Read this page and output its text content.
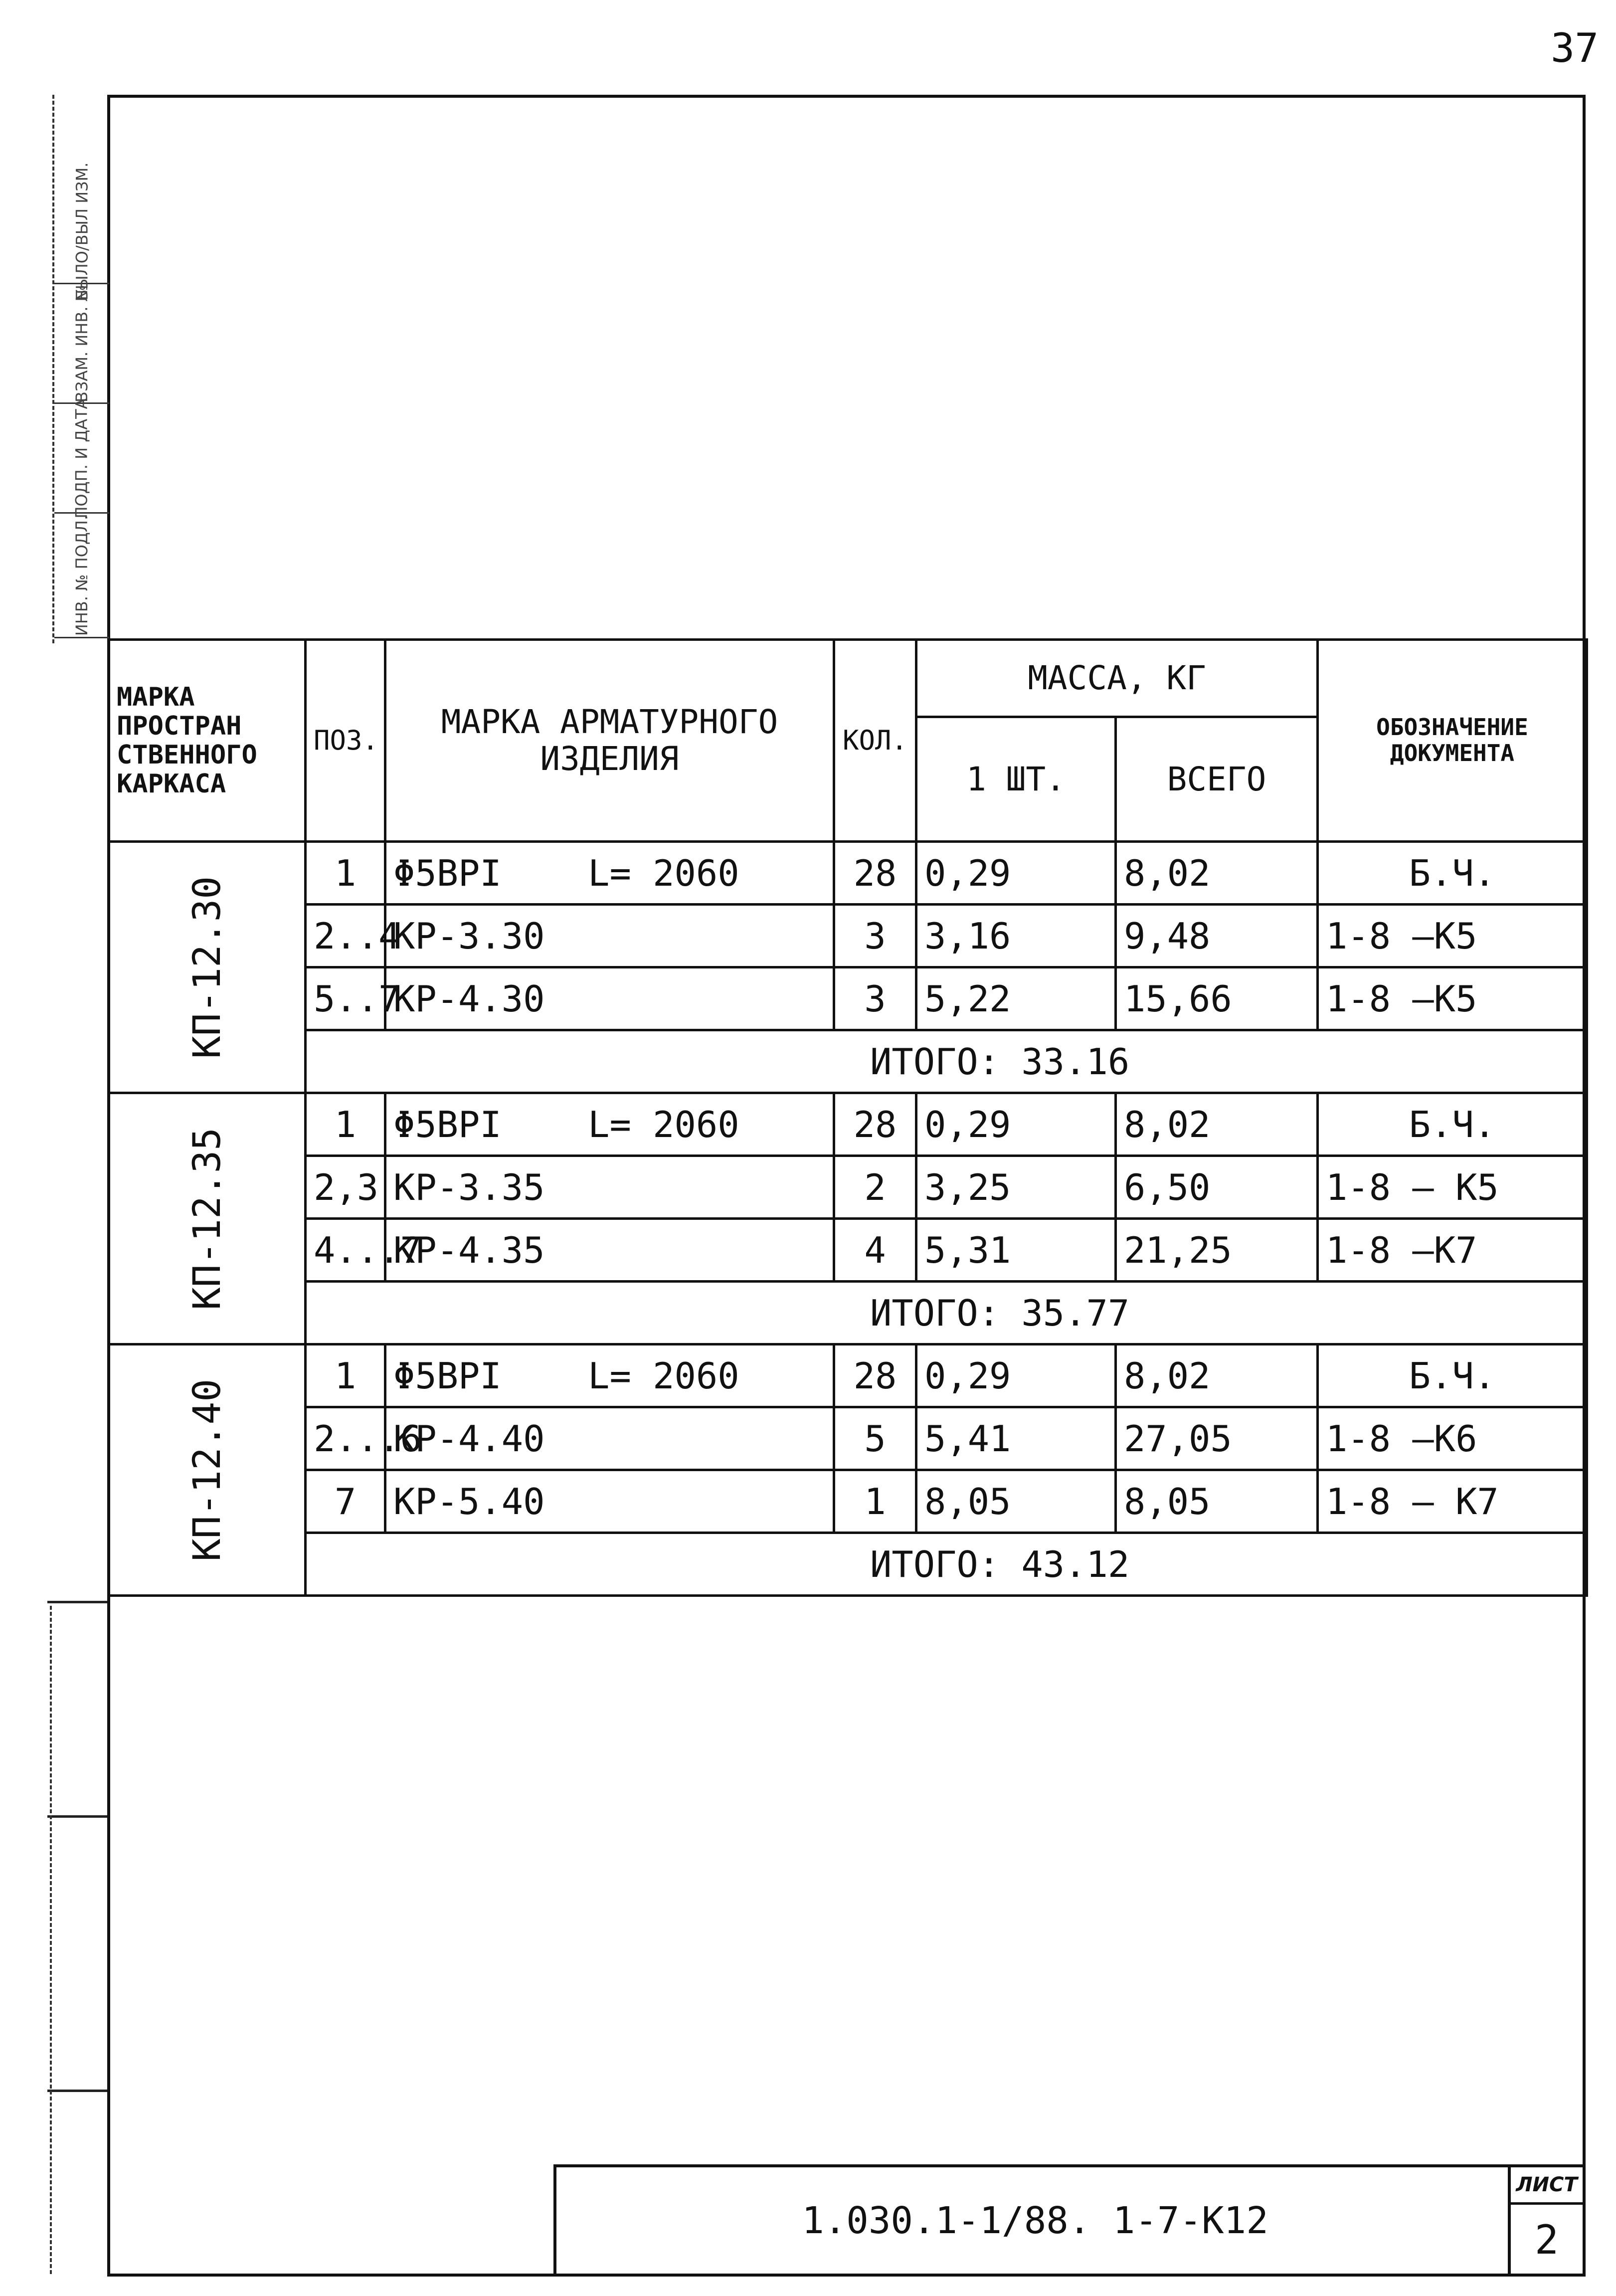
37
БЫЛО/ВЫЛ ИЗМ.
ВЗАМ. ИНВ. №
ПОДП. И ДАТА
ИНВ. № ПОДЛ.
МАРКА ПРОСТРАН СТВЕННОГО КАРКАСА	ПОЗ.	МАРКА АРМАТУРНОГО ИЗДЕЛИЯ	КОЛ.	МАССА, КГ		ОБОЗНАЧЕНИЕ ДОКУМЕНТА
				1 ШТ.	ВСЕГО	
КП-12.30	1	Φ5ВРΙ    L= 2060	28	0,29	8,02	Б.Ч.
	2..4	КР-3.30	3	3,16	9,48	1-8 —К5
	5..7	КР-4.30	3	5,22	15,66	1-8 —К5
	ИТОГО: 33.16					
КП-12.35	1	Φ5ВРΙ    L= 2060	28	0,29	8,02	Б.Ч.
	2,3	КР-3.35	2	3,25	6,50	1-8 — К5
	4...7	КР-4.35	4	5,31	21,25	1-8 —К7
	ИТОГО: 35.77					
КП-12.40	1	Φ5ВРΙ    L= 2060	28	0,29	8,02	Б.Ч.
	2...6	КР-4.40	5	5,41	27,05	1-8 —К6
	7	КР-5.40	1	8,05	8,05	1-8 — К7
	ИТОГО: 43.12					
1.030.1-1/88. 1-7-К12
ЛИСТ
2
